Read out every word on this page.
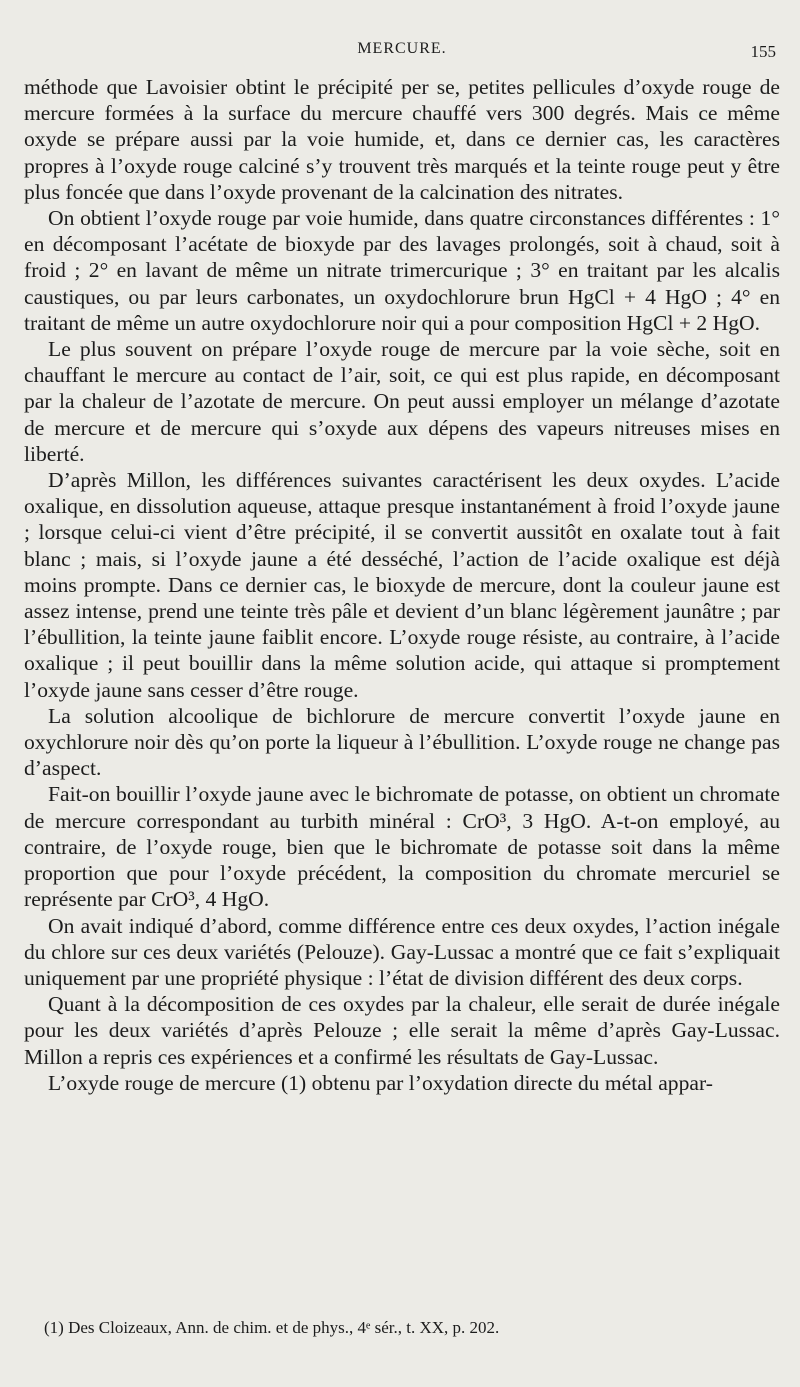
MERCURE.	155

méthode que Lavoisier obtint le précipité per se, petites pellicules d’oxyde rouge de mercure formées à la surface du mercure chauffé vers 300 degrés. Mais ce même oxyde se prépare aussi par la voie humide, et, dans ce dernier cas, les caractères propres à l’oxyde rouge calciné s’y trouvent très marqués et la teinte rouge peut y être plus foncée que dans l’oxyde provenant de la calcination des nitrates.

On obtient l’oxyde rouge par voie humide, dans quatre circonstances différentes : 1° en décomposant l’acétate de bioxyde par des lavages prolongés, soit à chaud, soit à froid ; 2° en lavant de même un nitrate trimercurique ; 3° en traitant par les alcalis caustiques, ou par leurs carbonates, un oxydochlorure brun HgCl + 4 HgO ; 4° en traitant de même un autre oxydochlorure noir qui a pour composition HgCl + 2 HgO.

Le plus souvent on prépare l’oxyde rouge de mercure par la voie sèche, soit en chauffant le mercure au contact de l’air, soit, ce qui est plus rapide, en décomposant par la chaleur de l’azotate de mercure. On peut aussi employer un mélange d’azotate de mercure et de mercure qui s’oxyde aux dépens des vapeurs nitreuses mises en liberté.

D’après Millon, les différences suivantes caractérisent les deux oxydes. L’acide oxalique, en dissolution aqueuse, attaque presque instantanément à froid l’oxyde jaune ; lorsque celui-ci vient d’être précipité, il se convertit aussitôt en oxalate tout à fait blanc ; mais, si l’oxyde jaune a été desséché, l’action de l’acide oxalique est déjà moins prompte. Dans ce dernier cas, le bioxyde de mercure, dont la couleur jaune est assez intense, prend une teinte très pâle et devient d’un blanc légèrement jaunâtre ; par l’ébullition, la teinte jaune faiblit encore. L’oxyde rouge résiste, au contraire, à l’acide oxalique ; il peut bouillir dans la même solution acide, qui attaque si promptement l’oxyde jaune sans cesser d’être rouge.

La solution alcoolique de bichlorure de mercure convertit l’oxyde jaune en oxychlorure noir dès qu’on porte la liqueur à l’ébullition. L’oxyde rouge ne change pas d’aspect.

Fait-on bouillir l’oxyde jaune avec le bichromate de potasse, on obtient un chromate de mercure correspondant au turbith minéral : CrO³, 3 HgO. A-t-on employé, au contraire, de l’oxyde rouge, bien que le bichromate de potasse soit dans la même proportion que pour l’oxyde précédent, la composition du chromate mercuriel se représente par CrO³, 4 HgO.

On avait indiqué d’abord, comme différence entre ces deux oxydes, l’action inégale du chlore sur ces deux variétés (Pelouze). Gay-Lussac a montré que ce fait s’expliquait uniquement par une propriété physique : l’état de division différent des deux corps.

Quant à la décomposition de ces oxydes par la chaleur, elle serait de durée inégale pour les deux variétés d’après Pelouze ; elle serait la même d’après Gay-Lussac. Millon a repris ces expériences et a confirmé les résultats de Gay-Lussac.

L’oxyde rouge de mercure (1) obtenu par l’oxydation directe du métal appar-

(1) Des Cloizeaux, Ann. de chim. et de phys., 4ᵉ sér., t. XX, p. 202.
